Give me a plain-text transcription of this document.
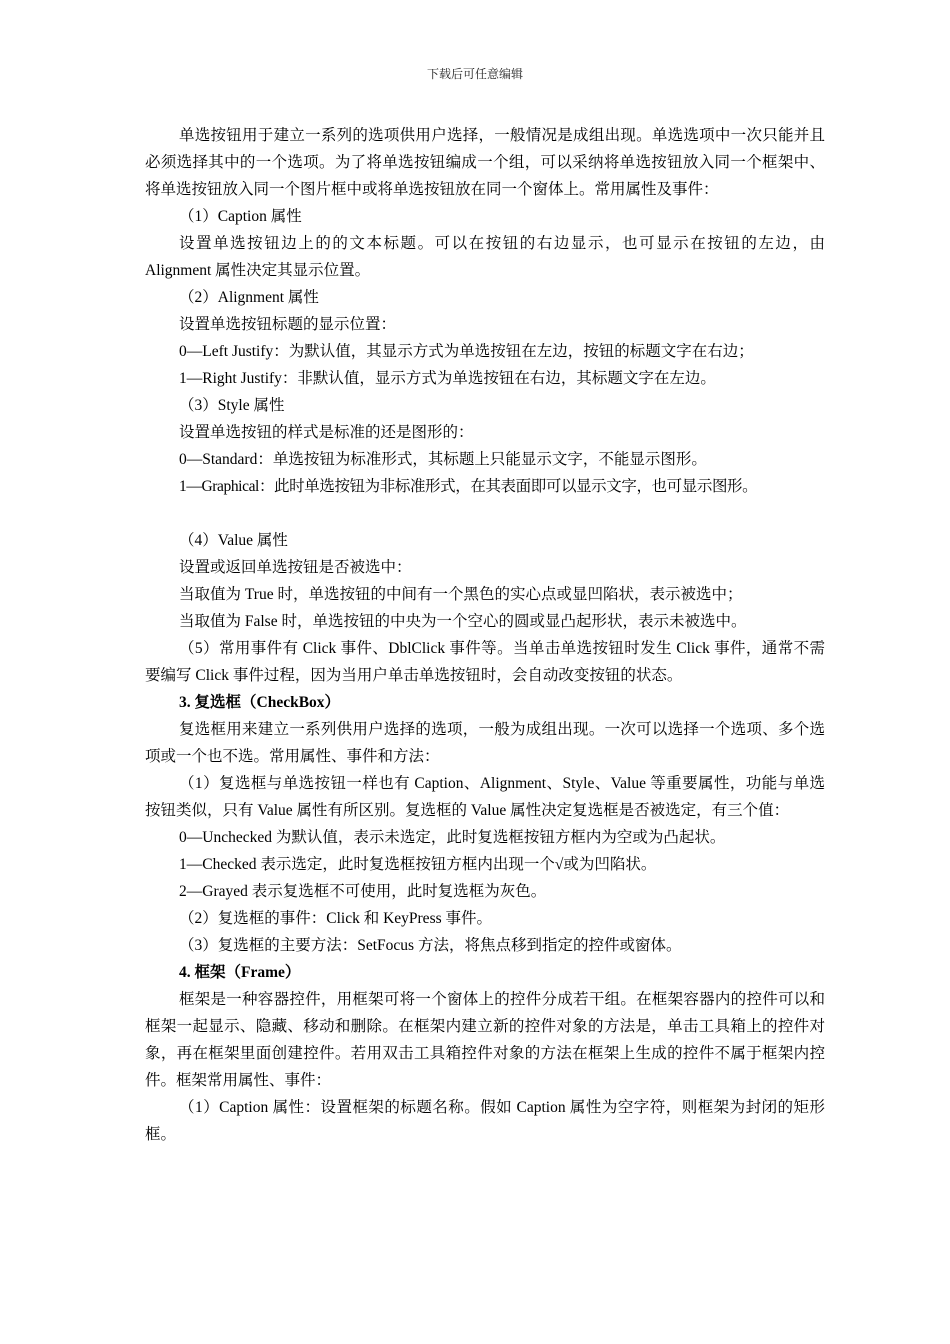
下载后可任意编辑

单选按钮用于建立一系列的选项供用户选择，一般情况是成组出现。单选选项中一次只能并且必须选择其中的一个选项。为了将单选按钮编成一个组，可以采纳将单选按钮放入同一个框架中、将单选按钮放入同一个图片框中或将单选按钮放在同一个窗体上。常用属性及事件：

（1）Caption 属性

设置单选按钮边上的的文本标题。可以在按钮的右边显示，也可显示在按钮的左边，由 Alignment 属性决定其显示位置。

（2）Alignment 属性

设置单选按钮标题的显示位置：

0—Left Justify：为默认值，其显示方式为单选按钮在左边，按钮的标题文字在右边；

1—Right Justify：非默认值，显示方式为单选按钮在右边，其标题文字在左边。

（3）Style 属性

设置单选按钮的样式是标准的还是图形的：

0—Standard：单选按钮为标准形式，其标题上只能显示文字，不能显示图形。

1—Graphical：此时单选按钮为非标准形式，在其表面即可以显示文字，也可显示图形。

（4）Value 属性

设置或返回单选按钮是否被选中：

当取值为 True 时，单选按钮的中间有一个黑色的实心点或显凹陷状，表示被选中；

当取值为 False 时，单选按钮的中央为一个空心的圆或显凸起形状，表示未被选中。

（5）常用事件有 Click 事件、DblClick 事件等。当单击单选按钮时发生 Click 事件，通常不需要编写 Click 事件过程，因为当用户单击单选按钮时，会自动改变按钮的状态。

3. 复选框（CheckBox）

复选框用来建立一系列供用户选择的选项，一般为成组出现。一次可以选择一个选项、多个选项或一个也不选。常用属性、事件和方法：

（1）复选框与单选按钮一样也有 Caption、Alignment、Style、Value 等重要属性，功能与单选按钮类似，只有 Value 属性有所区别。复选框的 Value 属性决定复选框是否被选定，有三个值：

0—Unchecked 为默认值，表示未选定，此时复选框按钮方框内为空或为凸起状。

1—Checked 表示选定，此时复选框按钮方框内出现一个√或为凹陷状。

2—Grayed 表示复选框不可使用，此时复选框为灰色。

（2）复选框的事件：Click 和 KeyPress 事件。

（3）复选框的主要方法：SetFocus 方法，将焦点移到指定的控件或窗体。

4. 框架（Frame）

框架是一种容器控件，用框架可将一个窗体上的控件分成若干组。在框架容器内的控件可以和框架一起显示、隐藏、移动和删除。在框架内建立新的控件对象的方法是，单击工具箱上的控件对象，再在框架里面创建控件。若用双击工具箱控件对象的方法在框架上生成的控件不属于框架内控件。框架常用属性、事件：

（1）Caption 属性：设置框架的标题名称。假如 Caption 属性为空字符，则框架为封闭的矩形框。
